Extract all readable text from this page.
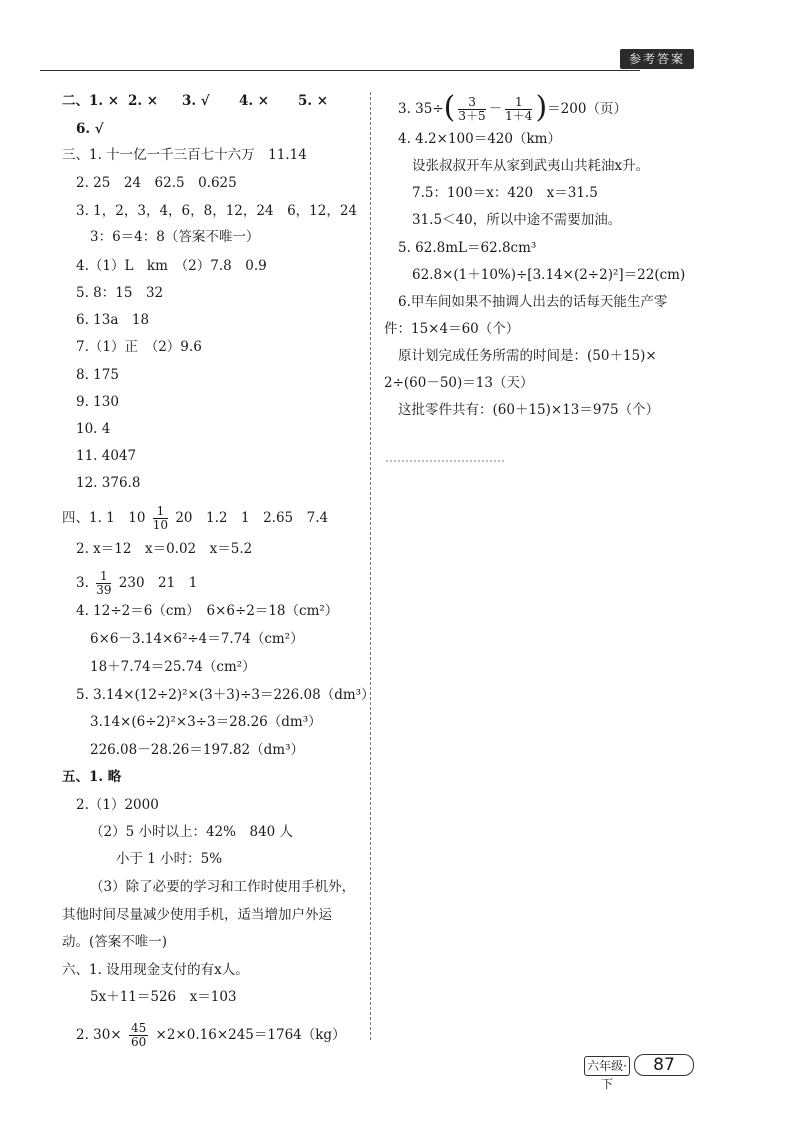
参考答案
二、1. × 2. × 3. √ 4. × 5. ×
6. √
三、1. 十一亿一千三百七十六万　11.14
2. 25　24　62.5　0.625
3. 1，2，3，4，6，8，12，24　6，12，24
3：6＝4：8（答案不唯一）
4.（1）L　km　（2）7.8　0.9
5. 8：15　32
6. 13a　18
7.（1）正　（2）9.6
8. 175
9. 130
10. 4
11. 4047
12. 376.8
四、1. 1　$10 \frac{1}{10} 20$　1.2　1　2.65　7.4
2. x＝12　x＝0.02　x＝5.2
3. $\frac{1}{39} 230$　21　1
4. 12÷2＝6（cm）　6×6÷2＝18（cm²）
6×6－3.14×6²÷4＝7.74（cm²）
18＋7.74＝25.74（cm²）
5. 3.14×(12÷2)²×(3＋3)÷3＝226.08（dm³）
3.14×(6÷2)²×3÷3＝28.26（dm³）
226.08－28.26＝197.82（dm³）
五、1. 略
2.（1）2000
（2）5 小时以上：42%　840 人
小于 1 小时：5%
（3）除了必要的学习和工作时使用手机外，
其他时间尽量减少使用手机，适当增加户外运
动。(答案不唯一)
六、1. 设用现金支付的有x人。
5x＋11＝526　x＝103
2. $30\times \frac{45}{60} \times 2\times 0.16\times 245=1764(kg)$
3. $35\div( \frac{3}{3+5} - \frac{1}{1+4} )=200$（页）
4. 4.2×100＝420（km）
设张叔叔开车从家到武夷山共耗油x升。
7.5：100＝x：420　x＝31.5
31.5＜40，所以中途不需要加油。
5. 62.8mL＝62.8cm³
62.8×(1＋10%)÷[3.14×(2÷2)²]＝22(cm)
6.甲车间如果不抽调人出去的话每天能生产零
件：15×4＝60（个）
原计划完成任务所需的时间是：(50＋15)×
2÷(60－50)＝13（天）
这批零件共有：(60＋15)×13＝975（个）
六年级·下
87
